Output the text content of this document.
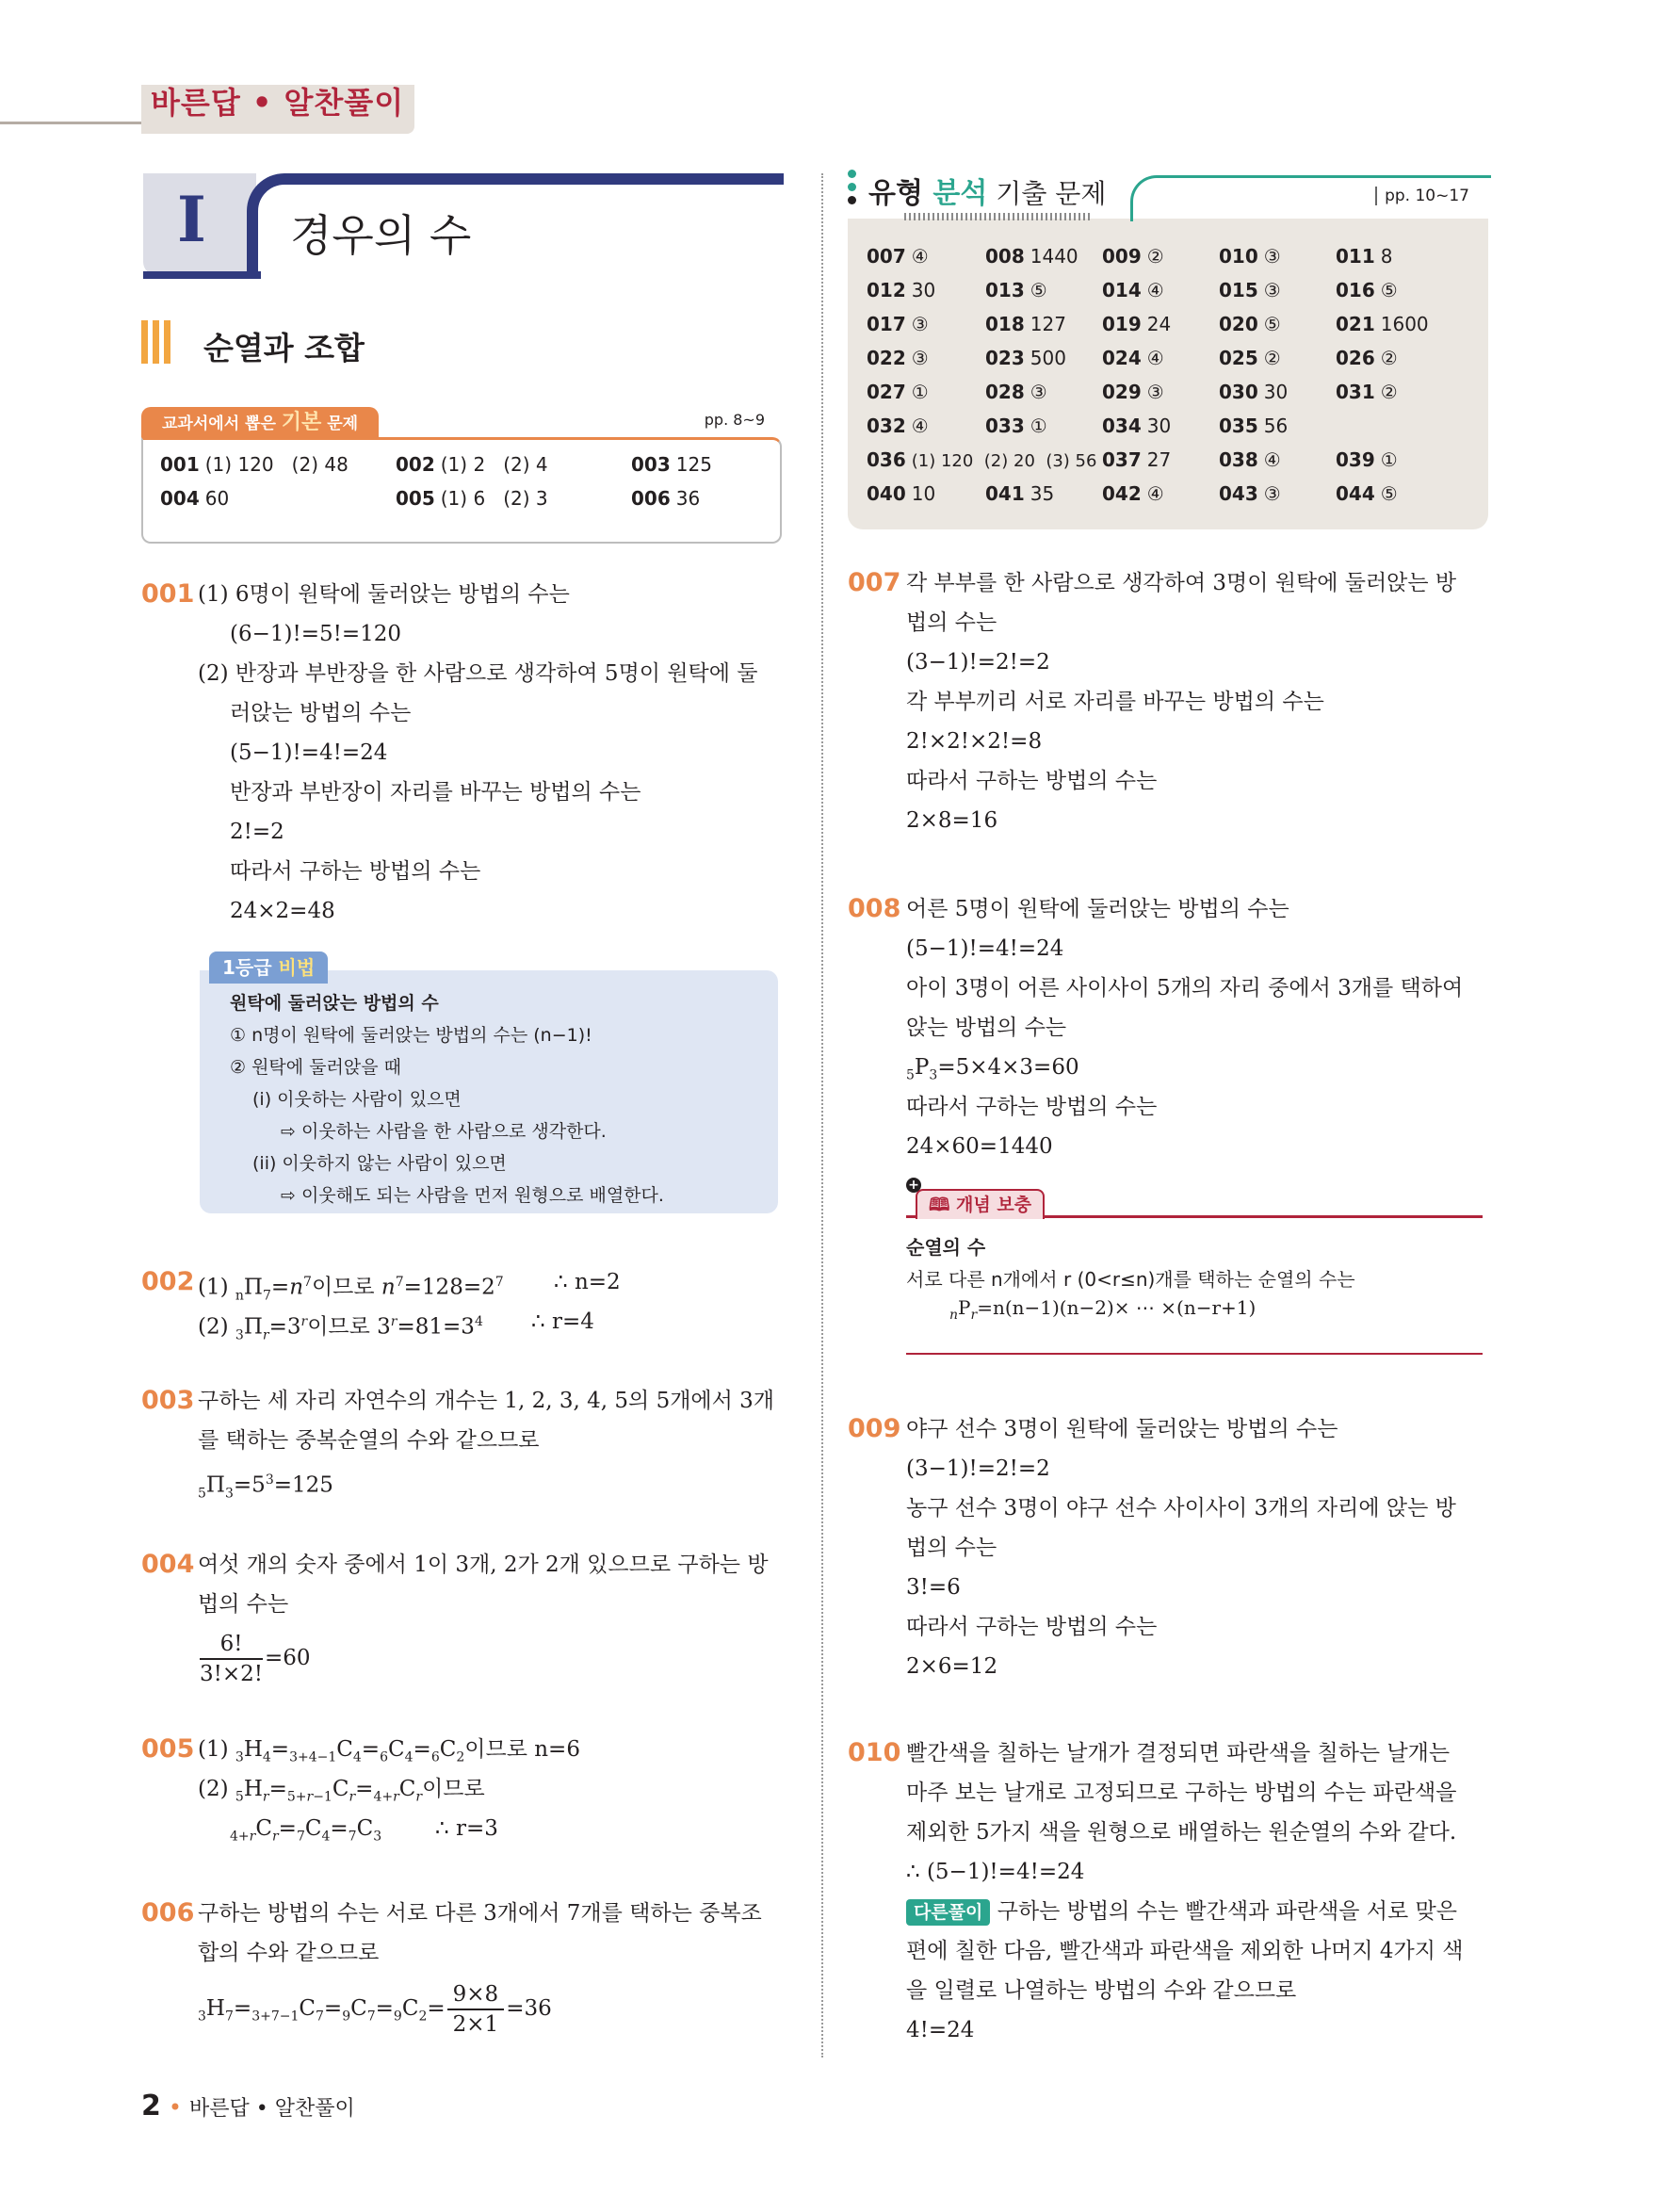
바른답 • 알찬풀이
I 경우의 수
순열과 조합
교과서에서 뽑은 기본 문제	pp. 8~9
001 (1) 120   (2) 48	002 (1) 2   (2) 4	003 125
004 60	005 (1) 6   (2) 3	006 36
001 (1) 6명이 원탁에 둘러앉는 방법의 수는
(6−1)!=5!=120
(2) 반장과 부반장을 한 사람으로 생각하여 5명이 원탁에 둘
러앉는 방법의 수는
(5−1)!=4!=24
반장과 부반장이 자리를 바꾸는 방법의 수는
2!=2
따라서 구하는 방법의 수는
24×2=48
1등급 비법
원탁에 둘러앉는 방법의 수
① n명이 원탁에 둘러앉는 방법의 수는 (n−1)!
② 원탁에 둘러앉을 때
(i) 이웃하는 사람이 있으면
⇨ 이웃하는 사람을 한 사람으로 생각한다.
(ii) 이웃하지 않는 사람이 있으면
⇨ 이웃해도 되는 사람을 먼저 원형으로 배열한다.
002 (1) $_n\Pi_7=n^7$이므로 $n^7=128=2^7$ ∴ n=2
(2) $_3\Pi_r=3^r$이므로 $3^r=81=3^4$ ∴ r=4
003 구하는 세 자리 자연수의 개수는 1, 2, 3, 4, 5의 5개에서 3개
를 택하는 중복순열의 수와 같으므로
$_5\Pi_3=5^3=125$
004 여섯 개의 숫자 중에서 1이 3개, 2가 2개 있으므로 구하는 방
법의 수는
$\frac{6!}{3!\times 2!} =60$
005 (1) $_3H_4=_{3+4-1}C_4=_6C_4=_6C_2$이므로 n=6
(2) $_5H_r=_{5+r-1}C_r=_{4+r}C_r$이므로
$_{4+r}C_r=_7C_4=_7C_3$ ∴ r=3
006 구하는 방법의 수는 서로 다른 3개에서 7개를 택하는 중복조
합의 수와 같으므로
$_3H_7=_{3+7-1}C_7=_9C_7=_9C_2= \frac{9\times 8}{2\times 1} =36$
유형 분석 기출 문제	pp. 10~17
007 ④	008 1440 009 ②	010 ③	011 8
012 30	013 ⑤	014 ④	015 ③	016 ⑤
017 ③	018 127 019 24	020 ⑤	021 1600
022 ③	023 500 024 ④	025 ②	026 ②
027 ①	028 ③	029 ③	030 30	031 ②
032 ④	033 ①	034 30	035 56
036 (1) 120  (2) 20  (3) 56 037 27	038 ④	039 ①
040 10	041 35	042 ④	043 ③	044 ⑤
007 각 부부를 한 사람으로 생각하여 3명이 원탁에 둘러앉는 방
법의 수는
(3−1)!=2!=2
각 부부끼리 서로 자리를 바꾸는 방법의 수는
2!×2!×2!=8
따라서 구하는 방법의 수는
2×8=16
008 어른 5명이 원탁에 둘러앉는 방법의 수는
(5−1)!=4!=24
아이 3명이 어른 사이사이 5개의 자리 중에서 3개를 택하여
앉는 방법의 수는
$_5P_3=5\times 4\times 3=60$
따라서 구하는 방법의 수는
24×60=1440
🕮 개념 보충
+
순열의 수
서로 다른 n개에서 r (0<r≤n)개를 택하는 순열의 수는
$_nP_r=n(n-1)(n-2)\times$ ⋯ ×(n−r+1)
009 야구 선수 3명이 원탁에 둘러앉는 방법의 수는
(3−1)!=2!=2
농구 선수 3명이 야구 선수 사이사이 3개의 자리에 앉는 방
법의 수는
3!=6
따라서 구하는 방법의 수는
2×6=12
010 빨간색을 칠하는 날개가 결정되면 파란색을 칠하는 날개는
마주 보는 날개로 고정되므로 구하는 방법의 수는 파란색을
제외한 5가지 색을 원형으로 배열하는 원순열의 수와 같다.
∴ (5−1)!=4!=24
다른풀이 구하는 방법의 수는 빨간색과 파란색을 서로 맞은
편에 칠한 다음, 빨간색과 파란색을 제외한 나머지 4가지 색
을 일렬로 나열하는 방법의 수와 같으므로
4!=24
2 • 바른답 • 알찬풀이
